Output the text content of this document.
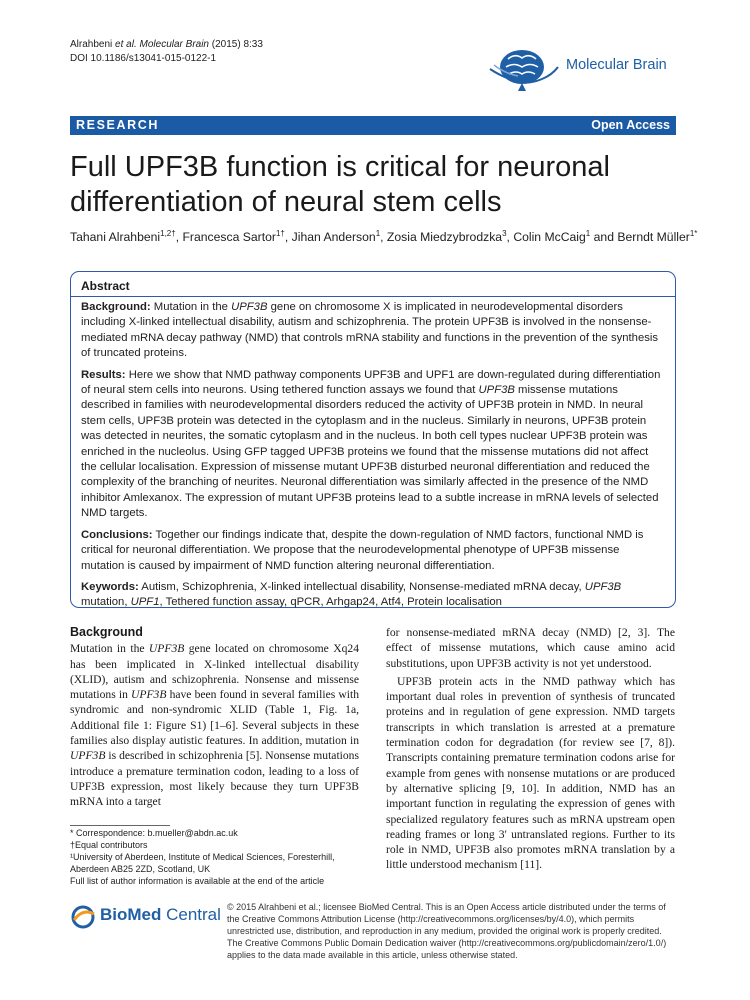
Alrahbeni et al. Molecular Brain (2015) 8:33
DOI 10.1186/s13041-015-0122-1	Molecular Brain
RESEARCH	Open Access
Full UPF3B function is critical for neuronal
differentiation of neural stem cells
Tahani Alrahbeni$^{1,2\dagger}$, Francesca Sartor$^{1\dagger}$, Jihan Anderson$^1$, Zosia Miedzybrodzka$^3$, Colin McCaig$^1$ and Berndt Müller$^{1*}$
Abstract

Background: Mutation in the UPF3B gene on chromosome X is implicated in neurodevelopmental disorders including X-linked intellectual disability, autism and schizophrenia. The protein UPF3B is involved in the nonsense-mediated mRNA decay pathway (NMD) that controls mRNA stability and functions in the prevention of the synthesis of truncated proteins.

Results: Here we show that NMD pathway components UPF3B and UPF1 are down-regulated during differentiation of neural stem cells into neurons. Using tethered function assays we found that UPF3B missense mutations described in families with neurodevelopmental disorders reduced the activity of UPF3B protein in NMD. In neural stem cells, UPF3B protein was detected in the cytoplasm and in the nucleus. Similarly in neurons, UPF3B protein was detected in neurites, the somatic cytoplasm and in the nucleus. In both cell types nuclear UPF3B protein was enriched in the nucleolus. Using GFP tagged UPF3B proteins we found that the missense mutations did not affect the cellular localisation. Expression of missense mutant UPF3B disturbed neuronal differentiation and reduced the complexity of the branching of neurites. Neuronal differentiation was similarly affected in the presence of the NMD inhibitor Amlexanox. The expression of mutant UPF3B proteins lead to a subtle increase in mRNA levels of selected NMD targets.

Conclusions: Together our findings indicate that, despite the down-regulation of NMD factors, functional NMD is critical for neuronal differentiation. We propose that the neurodevelopmental phenotype of UPF3B missense mutation is caused by impairment of NMD function altering neuronal differentiation.

Keywords: Autism, Schizophrenia, X-linked intellectual disability, Nonsense-mediated mRNA decay, UPF3B mutation, UPF1, Tethered function assay, qPCR, Arhgap24, Atf4, Protein localisation

Background

Mutation in the UPF3B gene located on chromosome Xq24 has been implicated in X-linked intellectual disability (XLID), autism and schizophrenia. Nonsense and missense mutations in UPF3B have been found in several families with syndromic and non-syndromic XLID (Table 1, Fig. 1a, Additional file 1: Figure S1) [1–6]. Several subjects in these families also display autistic features. In addition, mutation in UPF3B is described in schizophrenia [5]. Nonsense mutations introduce a premature termination codon, leading to a loss of UPF3B expression, most likely because they turn UPF3B mRNA into a target

for nonsense-mediated mRNA decay (NMD) [2, 3]. The effect of missense mutations, which cause amino acid substitutions, upon UPF3B activity is not yet understood.

UPF3B protein acts in the NMD pathway which has important dual roles in prevention of synthesis of truncated proteins and in regulation of gene expression. NMD targets transcripts in which translation is arrested at a premature termination codon for degradation (for review see [7, 8]). Transcripts containing premature termination codons arise for example from genes with nonsense mutations or are produced by alternative splicing [9, 10]. In addition, NMD has an important function in regulating the expression of genes with specialized regulatory features such as mRNA upstream open reading frames or long 3′ untranslated regions. Further to its role in NMD, UPF3B also promotes mRNA translation by a little understood mechanism [11].

* Correspondence: b.mueller@abdn.ac.uk
†Equal contributors
¹University of Aberdeen, Institute of Medical Sciences, Foresterhill, Aberdeen AB25 2ZD, Scotland, UK
Full list of author information is available at the end of the article
BioMed Central © 2015 Alrahbeni et al.; licensee BioMed Central. This is an Open Access article distributed under the terms of the Creative Commons Attribution License (http://creativecommons.org/licenses/by/4.0), which permits unrestricted use, distribution, and reproduction in any medium, provided the original work is properly credited. The Creative Commons Public Domain Dedication waiver (http://creativecommons.org/publicdomain/zero/1.0/) applies to the data made available in this article, unless otherwise stated.
